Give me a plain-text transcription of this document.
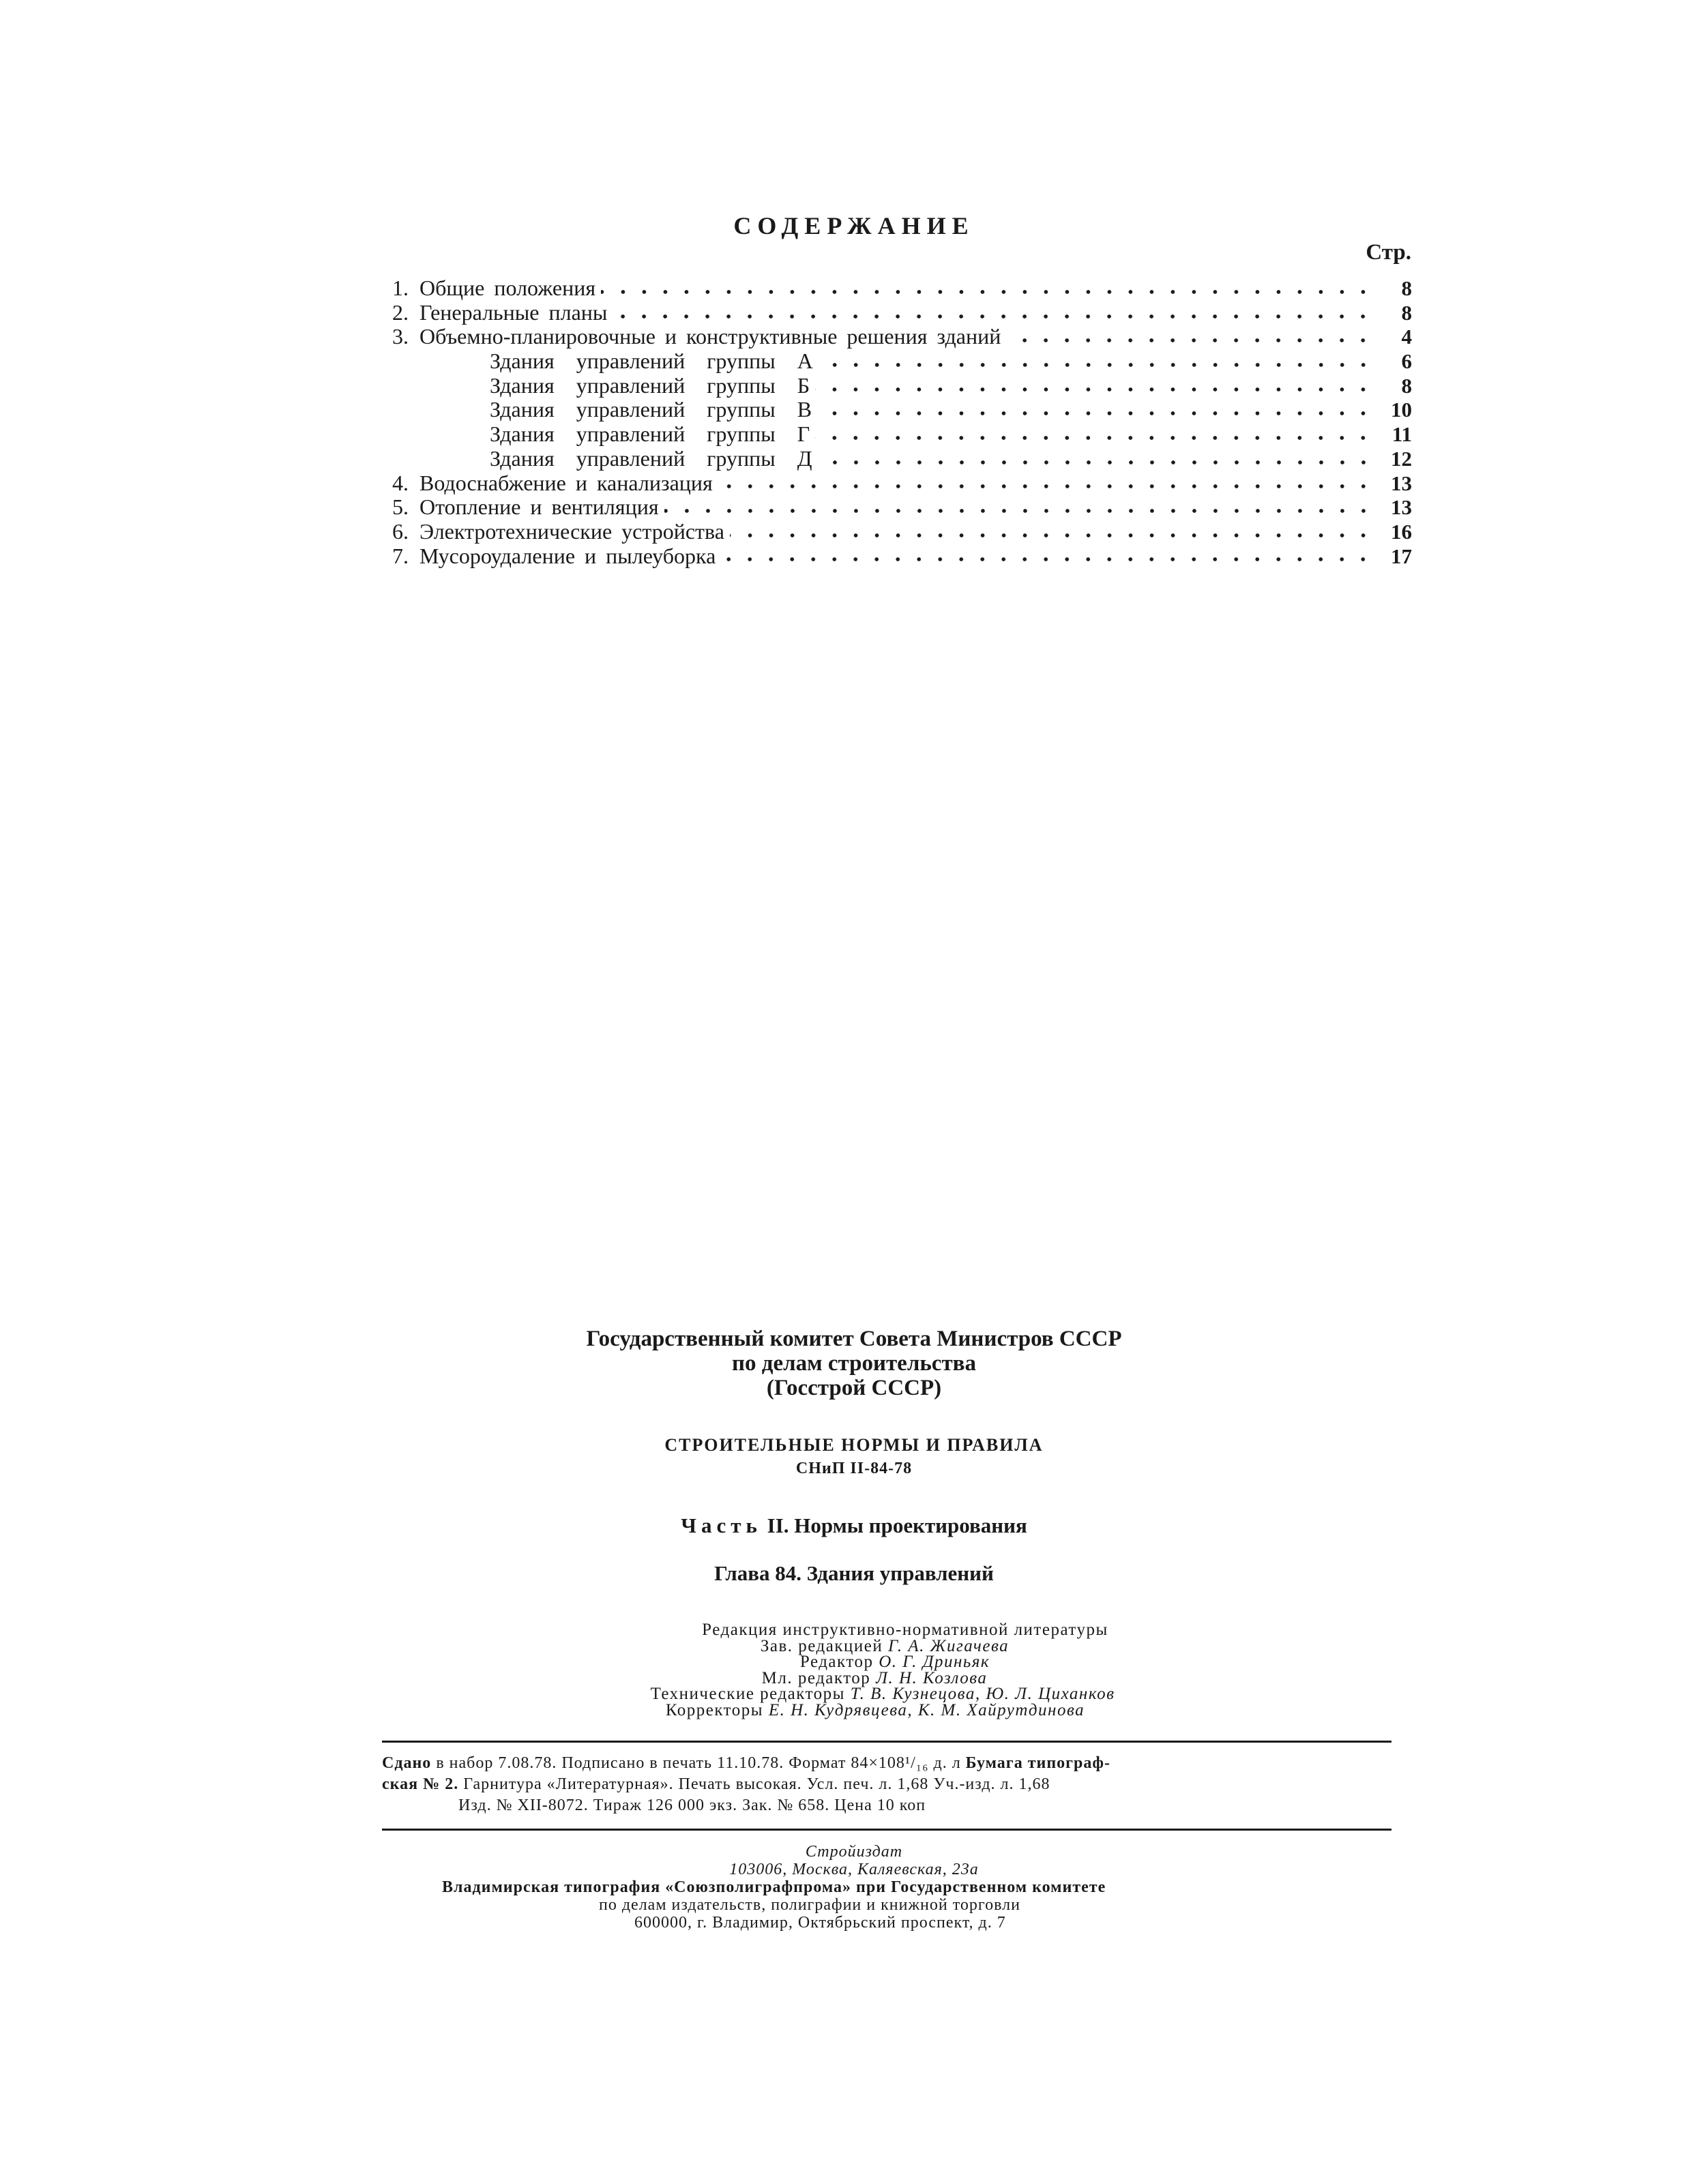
СОДЕРЖАНИЕ
Стр.
1. Общие положения	8
2. Генеральные планы	8
3. Объемно-планировочные и конструктивные решения зданий	4
Здания управлений группы А	6
Здания управлений группы Б	8
Здания управлений группы В	10
Здания управлений группы Г	11
Здания управлений группы Д	12
4. Водоснабжение и канализация	13
5. Отопление и вентиляция	13
6. Электротехнические устройства	16
7. Мусороудаление и пылеуборка	17
Государственный комитет Совета Министров СССР
по делам строительства
(Госстрой СССР)
СТРОИТЕЛЬНЫЕ НОРМЫ И ПРАВИЛА
СНиП II-84-78
Часть II. Нормы проектирования
Глава 84. Здания управлений
Редакция инструктивно-нормативной литературы
Зав. редакцией Г. А. Жигачева
Редактор О. Г. Дриньяк
Мл. редактор Л. Н. Козлова
Технические редакторы Т. В. Кузнецова, Ю. Л. Циханков
Корректоры Е. Н. Кудрявцева, К. М. Хайрутдинова
Сдано в набор 7.08.78. Подписано в печать 11.10.78. Формат 84×108¹/₁₆ д. л Бумага типограф-
ская № 2. Гарнитура «Литературная». Печать высокая. Усл. печ. л. 1,68 Уч.-изд. л. 1,68
Изд. № XII-8072. Тираж 126 000 экз. Зак. № 658. Цена 10 коп
Стройиздат
103006, Москва, Каляевская, 23а
Владимирская типография «Союзполиграфпрома» при Государственном комитете
по делам издательств, полиграфии и книжной торговли
600000, г. Владимир, Октябрьский проспект, д. 7
